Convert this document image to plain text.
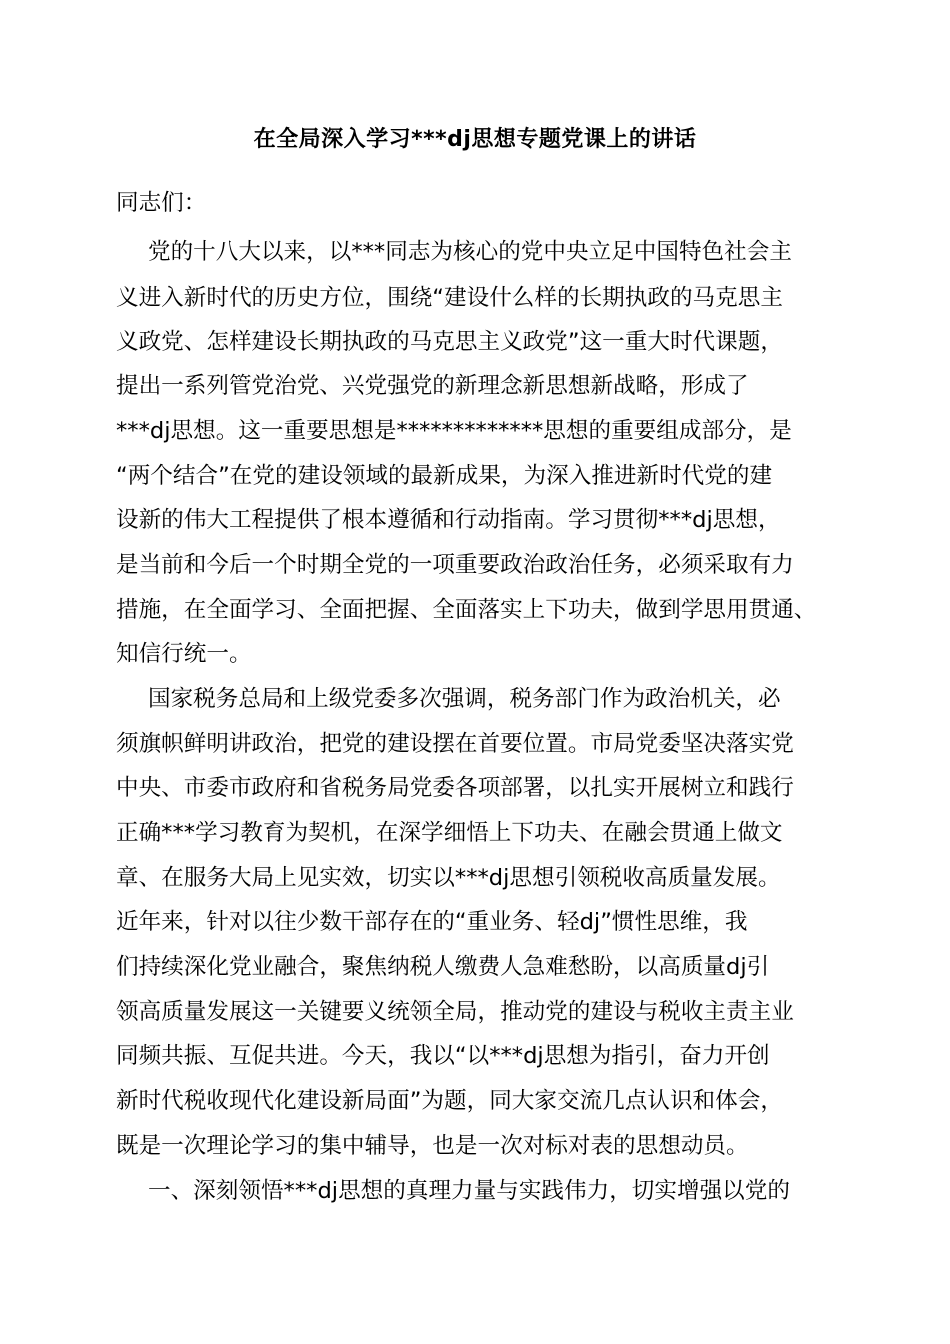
在全局深入学习***dj思想专题党课上的讲话
同志们：
党的十八大以来，以***同志为核心的党中央立足中国特色社会主
义进入新时代的历史方位，围绕“建设什么样的长期执政的马克思主
义政党、怎样建设长期执政的马克思主义政党”这一重大时代课题，
提出一系列管党治党、兴党强党的新理念新思想新战略，形成了
***dj思想。这一重要思想是*************思想的重要组成部分，是
“两个结合”在党的建设领域的最新成果，为深入推进新时代党的建
设新的伟大工程提供了根本遵循和行动指南。学习贯彻***dj思想，
是当前和今后一个时期全党的一项重要政治政治任务，必须采取有力
措施，在全面学习、全面把握、全面落实上下功夫，做到学思用贯通、
知信行统一。
国家税务总局和上级党委多次强调，税务部门作为政治机关，必
须旗帜鲜明讲政治，把党的建设摆在首要位置。市局党委坚决落实党
中央、市委市政府和省税务局党委各项部署，以扎实开展树立和践行
正确***学习教育为契机，在深学细悟上下功夫、在融会贯通上做文
章、在服务大局上见实效，切实以***dj思想引领税收高质量发展。
近年来，针对以往少数干部存在的“重业务、轻dj”惯性思维，我
们持续深化党业融合，聚焦纳税人缴费人急难愁盼，以高质量dj引
领高质量发展这一关键要义统领全局，推动党的建设与税收主责主业
同频共振、互促共进。今天，我以“以***dj思想为指引，奋力开创
新时代税收现代化建设新局面”为题，同大家交流几点认识和体会，
既是一次理论学习的集中辅导，也是一次对标对表的思想动员。
一、深刻领悟***dj思想的真理力量与实践伟力，切实增强以党的
